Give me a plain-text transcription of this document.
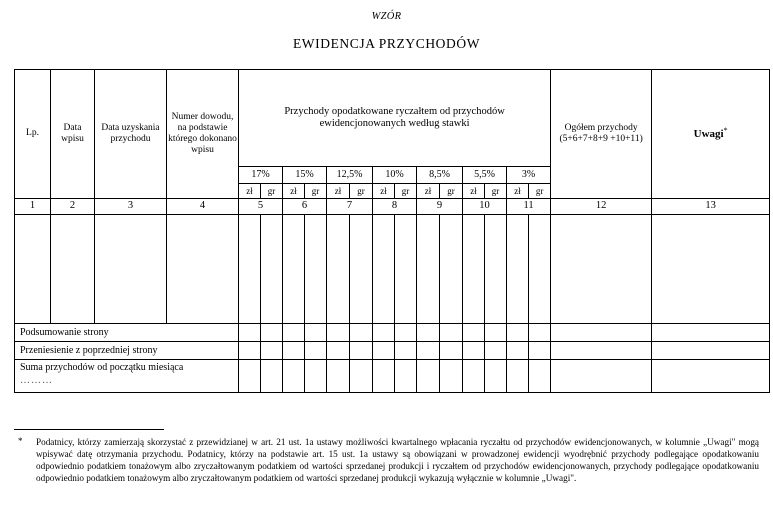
WZÓR
EWIDENCJA PRZYCHODÓW
Lp.	Data wpisu	Data uzyskania przychodu	Numer dowodu, na podstawie którego dokonano wpisu	Przychody opodatkowane ryczałtem od przychodów ewidencjonowanych według stawki														Ogółem przychody (5+6+7+8+9 +10+11)	Uwagi*
				17%		15%		12,5%		10%		8,5%		5,5%		3%			
				zł	gr	zł	gr	zł	gr	zł	gr	zł	gr	zł	gr	zł	gr		
1	2	3	4	5		6		7		8		9		10		11		12	13

Podsumowanie strony																			
Przeniesienie z poprzedniej strony																			
Suma przychodów od początku miesiąca
………																			

*	Podatnicy, którzy zamierzają skorzystać z przewidzianej w art. 21 ust. 1a ustawy możliwości kwartalnego wpłacania ryczałtu od przychodów ewidencjonowanych, w kolumnie „Uwagi" mogą wpisywać datę otrzymania przychodu. Podatnicy, którzy na podstawie art. 15 ust. 1a ustawy są obowiązani w prowadzonej ewidencji wyodrębnić przychody podlegające opodatkowaniu odpowiednio podatkiem tonażowym albo zryczałtowanym podatkiem od wartości sprzedanej produkcji i ryczałtem od przychodów ewidencjonowanych, przychody podlegające opodatkowaniu odpowiednio podatkiem tonażowym albo zryczałtowanym podatkiem od wartości sprzedanej produkcji wykazują wyłącznie w kolumnie „Uwagi".
